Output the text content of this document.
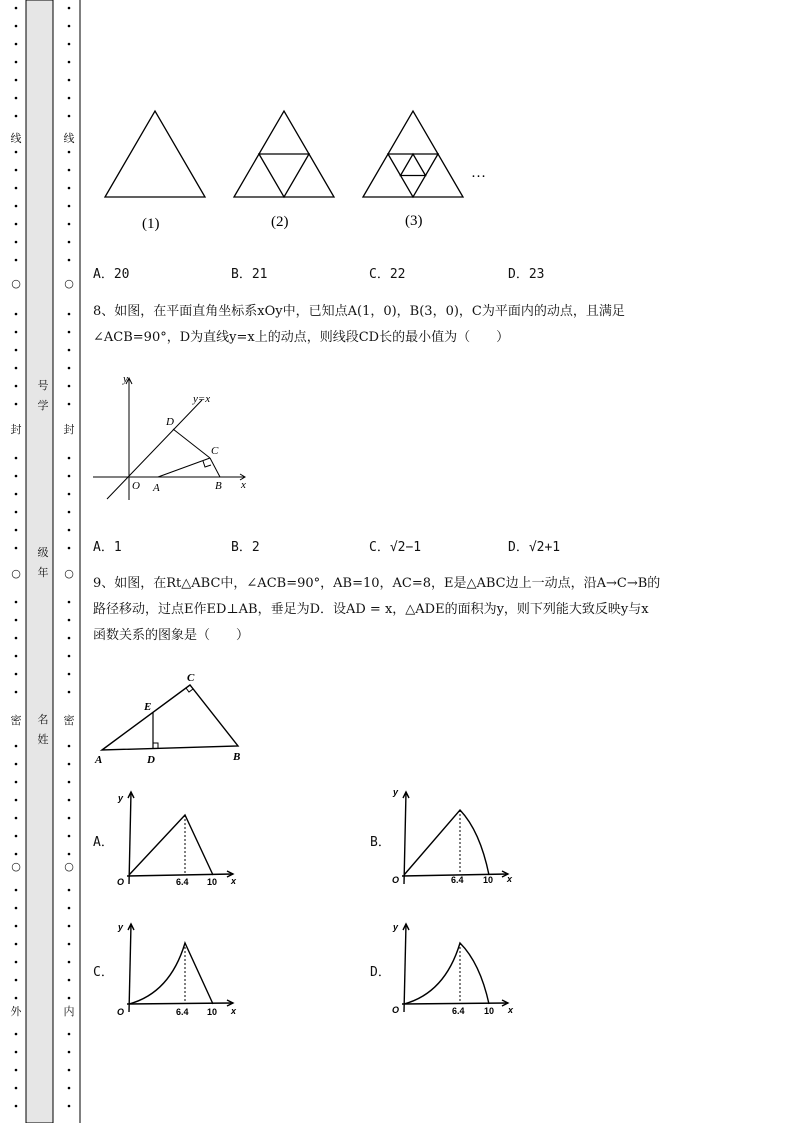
线
○
封
○
密
○
外
线
○
封
○
密
○
内
号学
级年
名姓
(1)	(2)	(3)
…
A．20	B．21	C．22	D．23
8、如图，在平面直角坐标系xOy中，已知点A(1，0)，B(3，0)，C为平面内的动点，且满足
∠ACB=90°，D为直线y=x上的动点，则线段CD长的最小值为（　　）
y
x
y=x
D
C
O A	B
A．1	B．2	C．√2−1	D．√2+1
9、如图，在Rt△ABC中，∠ACB=90°，AB=10，AC=8，E是△ABC边上一动点，沿A→C→B的
路径移动，过点E作ED⊥AB，垂足为D．设AD = x，△ADE的面积为y，则下列能大致反映y与x
函数关系的图象是（　　）
C
E
A	D	B
A．	B．
C．	D．
y
O	6.4 10 x
y
O	6.4 10 x
y
O	6.4 10 x
y
O	6.4 10 x
